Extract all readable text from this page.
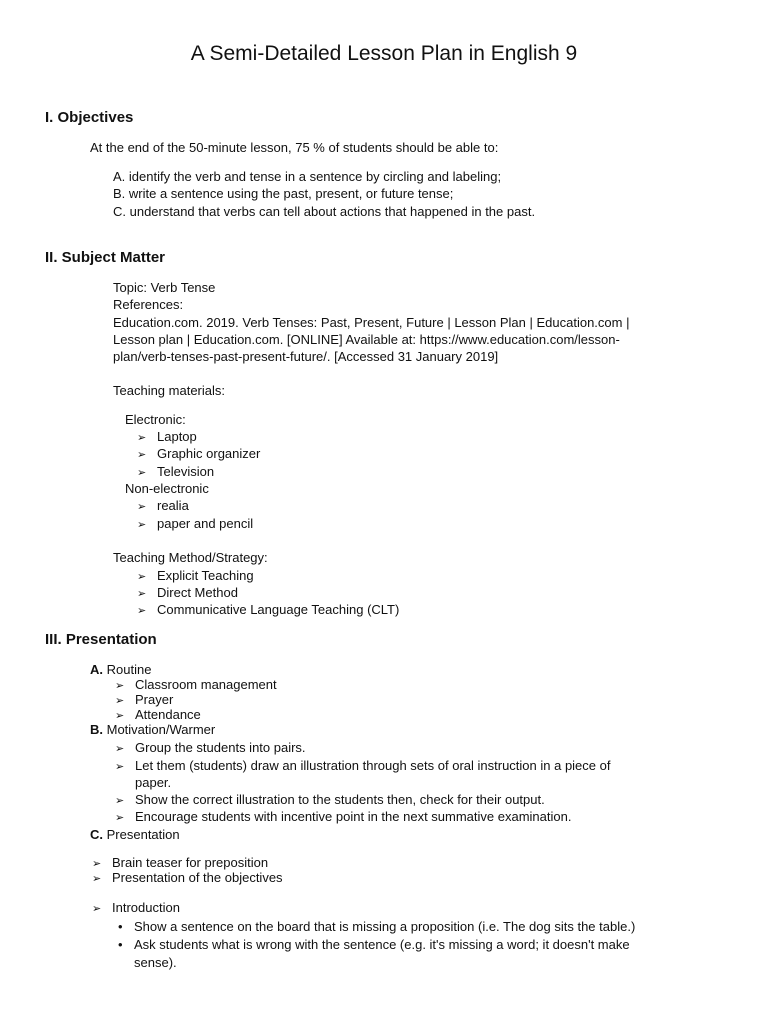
A Semi-Detailed Lesson Plan in English 9
I. Objectives
At the end of the 50-minute lesson, 75 % of students should be able to:
A. identify the verb and tense in a sentence by circling and labeling;
B. write a sentence using the past, present, or future tense;
C. understand that verbs can tell about actions that happened in the past.
II. Subject Matter
Topic: Verb Tense
References:
Education.com. 2019. Verb Tenses: Past, Present, Future | Lesson Plan | Education.com |
Lesson plan | Education.com. [ONLINE] Available at: https://www.education.com/lesson-
plan/verb-tenses-past-present-future/. [Accessed 31 January 2019]
Teaching materials:
Electronic:
➢ Laptop
➢ Graphic organizer
➢ Television
Non-electronic
➢ realia
➢ paper and pencil
Teaching Method/Strategy:
➢ Explicit Teaching
➢ Direct Method
➢ Communicative Language Teaching (CLT)
III. Presentation
A. Routine
➢ Classroom management
➢ Prayer
➢ Attendance
B. Motivation/Warmer
➢ Group the students into pairs.
➢ Let them (students) draw an illustration through sets of oral instruction in a piece of
paper.
➢ Show the correct illustration to the students then, check for their output.
➢ Encourage students with incentive point in the next summative examination.
C. Presentation
➢ Brain teaser for preposition
➢ Presentation of the objectives
➢ Introduction
• Show a sentence on the board that is missing a proposition (i.e. The dog sits the table.)
• Ask students what is wrong with the sentence (e.g. it's missing a word; it doesn't make
sense).
